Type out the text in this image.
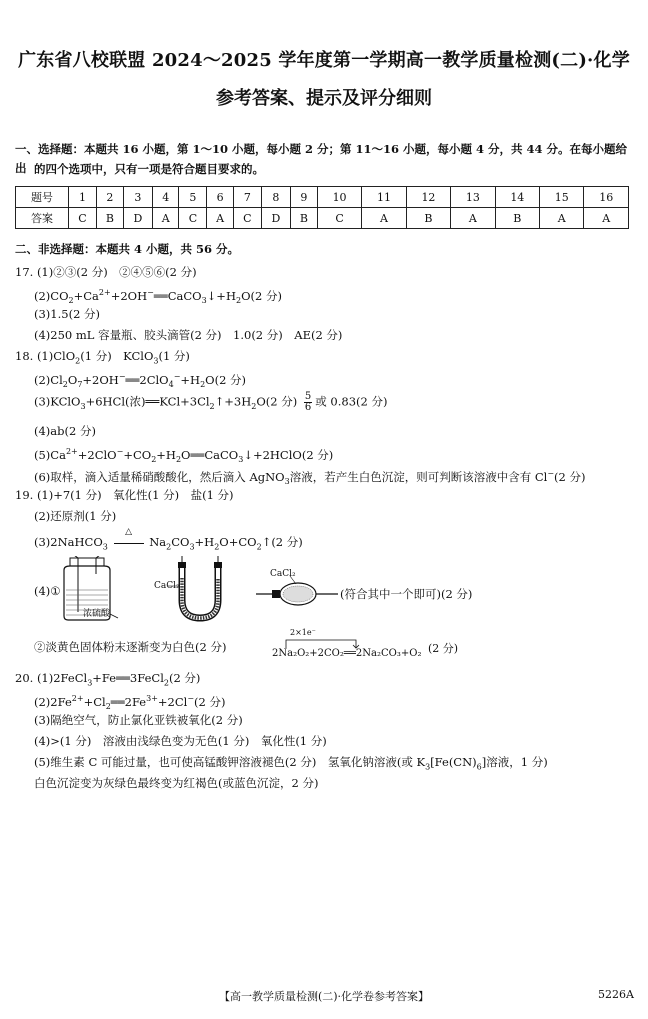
广东省八校联盟 2024～2025 学年度第一学期高一教学质量检测(二)·化学
参考答案、提示及评分细则
一、选择题：本题共 16 小题，第 1～10 小题，每小题 2 分；第 11～16 小题，每小题 4 分，共 44 分。在每小题给出 的四个选项中，只有一项是符合题目要求的。
题号	1	2	3	4	5	6	7	8	9	10	11	12	13	14	15	16
答案	C	B	D	A	C	A	C	D	B	C	A	B	A	B	A	A
二、非选择题：本题共 4 小题，共 56 分。
17. (1)②③(2 分)　②④⑤⑥(2 分)
$(2)CO_2+Ca^{2+}+2OH^-══CaCO_3↓+H_2O(2$ 分)
(3)1.5(2 分)
(4)250 mL 容量瓶、胶头滴管(2 分)　1.0(2 分)　AE(2 分)
18. (1)ClO$_2$(1 分)　KClO$_3$(1 分)
$(2)Cl_2O_7+2OH^-══2ClO_4^-+H_2O(2$ 分)
(3)KClO$_3$+6HCl(浓)$══KCl+3Cl_2↑+3H_2O(2$ 分) $\frac{5}{6}$ 或 0.83(2 分)
(4)ab(2 分)
$(5)Ca^{2+}+2ClO^-+CO_2+H_2O══CaCO_3↓+2HClO(2$ 分)
(6)取样，滴入适量稀硝酸酸化，然后滴入 AgNO$_3$溶液，若产生白色沉淀，则可判断该溶液中含有 Cl−(2 分)
19. (1)+7(1 分)　氧化性(1 分)　盐(1 分)
(2)还原剂(1 分)
(3)2NaHCO$_3$
△
$Na_2CO_3+H_2O+CO_2↑(2$ 分)
(4)①
浓硫酸
CaCl₂
CaCl₂
(符合其中一个即可)(2 分)
②淡黄色固体粉末逐渐变为白色(2 分)
2×1e⁻
2Na₂O₂+2CO₂══2Na₂CO₃+O₂ (2 分)
20. (1)2FeCl$_3$+Fe══3FeCl$_2$(2 分)
$(2)2Fe^{2+}+Cl_2══2Fe^{3+}+2Cl^-(2$ 分)
(3)隔绝空气，防止氯化亚铁被氧化(2 分)
(4)>(1 分)　溶液由浅绿色变为无色(1 分)　氧化性(1 分)
(5)维生素 C 可能过量，也可使高锰酸钾溶液褪色(2 分)　氢氧化钠溶液(或 $K_3[Fe(CN)_6]$溶液，1 分)
白色沉淀变为灰绿色最终变为红褐色(或蓝色沉淀，2 分)
【高一教学质量检测(二)·化学卷参考答案】	5226A
